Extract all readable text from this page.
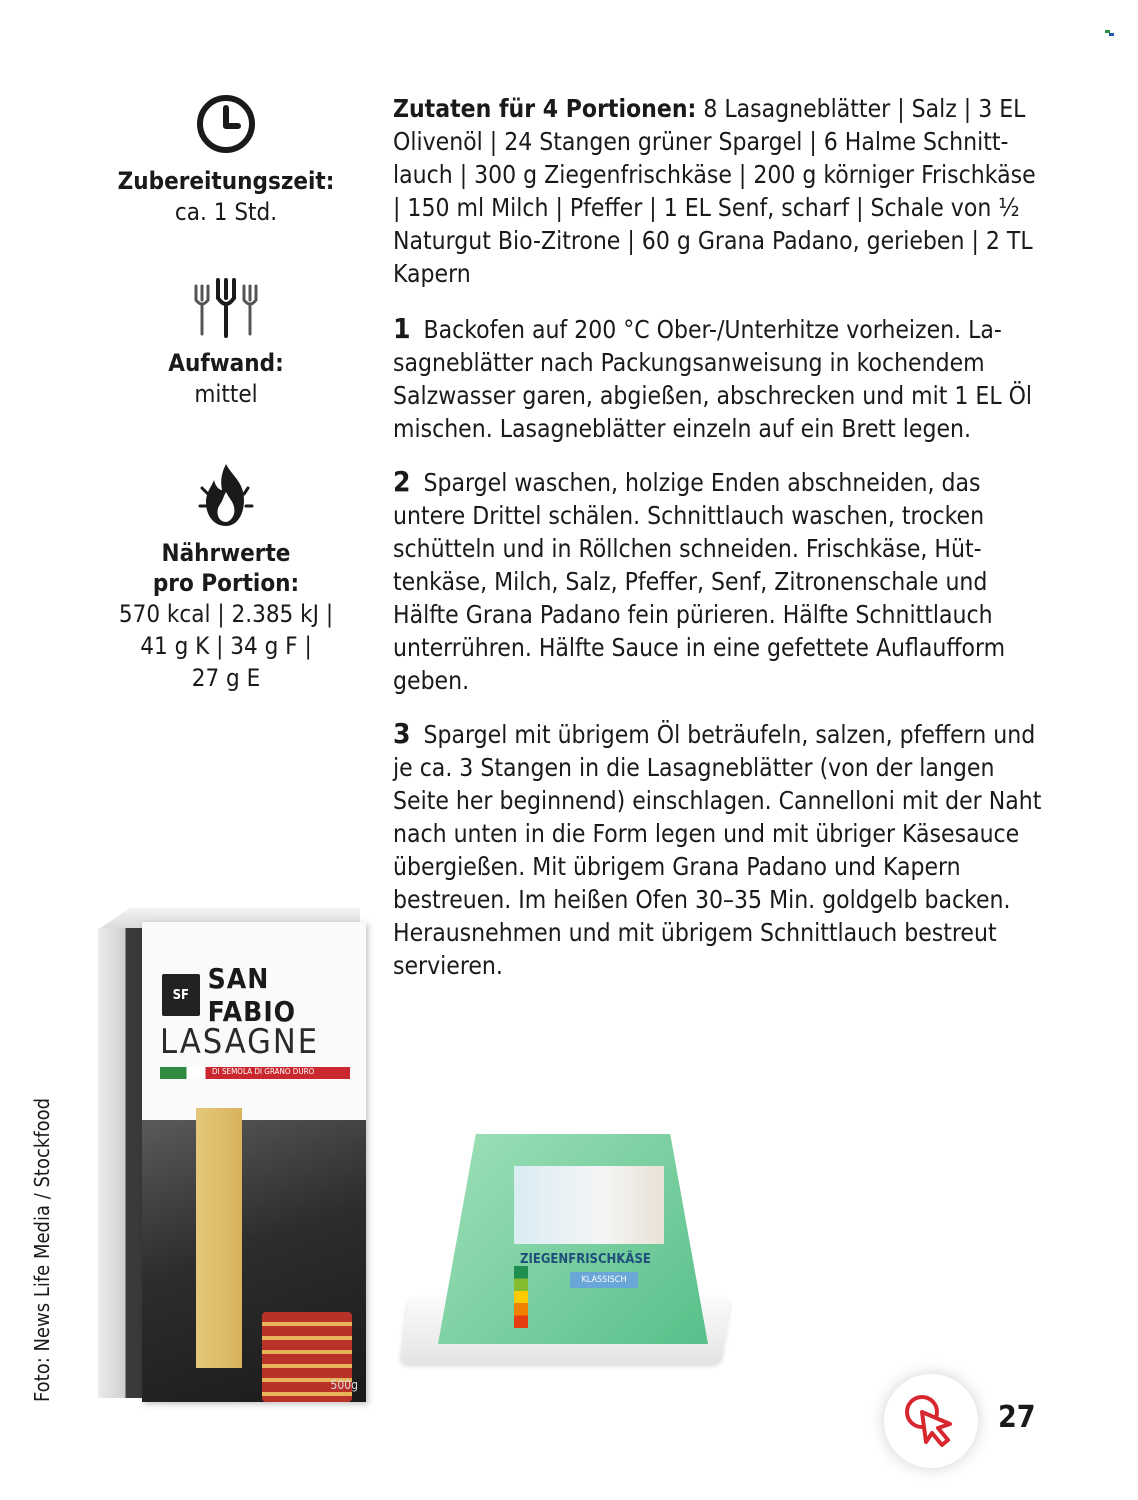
Zubereitungszeit:
ca. 1 Std.
Aufwand:
mittel
Nährwerte
pro Portion:
570 kcal | 2.385 kJ |
41 g K | 34 g F |
27 g E

Zutaten für 4 Portionen: 8 Lasagneblätter | Salz | 3 EL Olivenöl | 24 Stangen grüner Spargel | 6 Halme Schnittlauch | 300 g Ziegenfrischkäse | 200 g körniger Frischkäse | 150 ml Milch | Pfeffer | 1 EL Senf, scharf | Schale von ½ Naturgut Bio-Zitrone | 60 g Grana Padano, gerieben | 2 TL Kapern

1 Backofen auf 200 °C Ober-/Unterhitze vorheizen. Lasagneblätter nach Packungsanweisung in kochendem Salzwasser garen, abgießen, abschrecken und mit 1 EL Öl mischen. Lasagneblätter einzeln auf ein Brett legen.

2 Spargel waschen, holzige Enden abschneiden, das untere Drittel schälen. Schnittlauch waschen, trocken schütteln und in Röllchen schneiden. Frischkäse, Hüttenkäse, Milch, Salz, Pfeffer, Senf, Zitronenschale und Hälfte Grana Padano fein pürieren. Hälfte Schnittlauch unterrühren. Hälfte Sauce in eine gefettete Auflaufform geben.

3 Spargel mit übrigem Öl beträufeln, salzen, pfeffern und je ca. 3 Stangen in die Lasagneblätter (von der langen Seite her beginnend) einschlagen. Cannelloni mit der Naht nach unten in die Form legen und mit übriger Käsesauce übergießen. Mit übrigem Grana Padano und Kapern bestreuen. Im heißen Ofen 30–35 Min. goldgelb backen. Herausnehmen und mit übrigem Schnittlauch bestreut servieren.

Foto: News Life Media / Stockfood
SF SAN FABIO
LASAGNE
DI SEMOLA DI GRANO DURO
500g
ZIEGENFRISCHKÄSE
KLASSISCH
27
